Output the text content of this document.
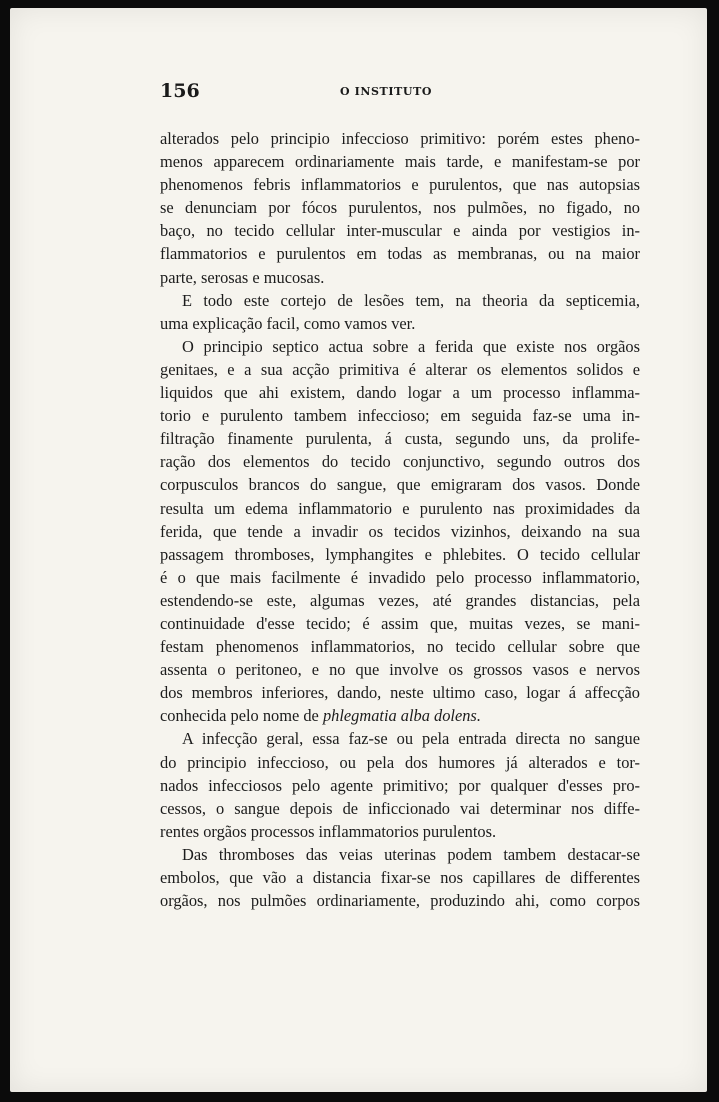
156	O INSTITUTO
alterados pelo principio infeccioso primitivo: porém estes pheno-
menos apparecem ordinariamente mais tarde, e manifestam-se por
phenomenos febris inflammatorios e purulentos, que nas autopsias
se denunciam por fócos purulentos, nos pulmões, no figado, no
baço, no tecido cellular inter-muscular e ainda por vestigios in-
flammatorios e purulentos em todas as membranas, ou na maior
parte, serosas e mucosas.
E todo este cortejo de lesões tem, na theoria da septicemia,
uma explicação facil, como vamos ver.
O principio septico actua sobre a ferida que existe nos orgãos
genitaes, e a sua acção primitiva é alterar os elementos solidos e
liquidos que ahi existem, dando logar a um processo inflamma-
torio e purulento tambem infeccioso; em seguida faz-se uma in-
filtração finamente purulenta, á custa, segundo uns, da prolife-
ração dos elementos do tecido conjunctivo, segundo outros dos
corpusculos brancos do sangue, que emigraram dos vasos. Donde
resulta um edema inflammatorio e purulento nas proximidades da
ferida, que tende a invadir os tecidos vizinhos, deixando na sua
passagem thromboses, lymphangites e phlebites. O tecido cellular
é o que mais facilmente é invadido pelo processo inflammatorio,
estendendo-se este, algumas vezes, até grandes distancias, pela
continuidade d'esse tecido; é assim que, muitas vezes, se mani-
festam phenomenos inflammatorios, no tecido cellular sobre que
assenta o peritoneo, e no que involve os grossos vasos e nervos
dos membros inferiores, dando, neste ultimo caso, logar á affecção
conhecida pelo nome de phlegmatia alba dolens.
A infecção geral, essa faz-se ou pela entrada directa no sangue
do principio infeccioso, ou pela dos humores já alterados e tor-
nados infecciosos pelo agente primitivo; por qualquer d'esses pro-
cessos, o sangue depois de inficcionado vai determinar nos diffe-
rentes orgãos processos inflammatorios purulentos.
Das thromboses das veias uterinas podem tambem destacar-se
embolos, que vão a distancia fixar-se nos capillares de differentes
orgãos, nos pulmões ordinariamente, produzindo ahi, como corpos
